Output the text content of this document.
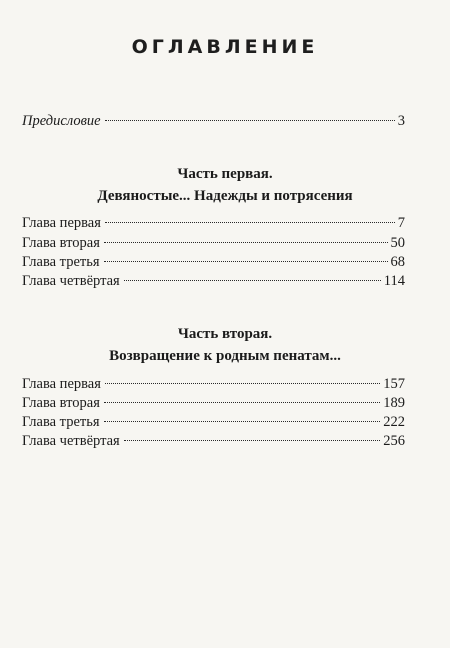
ОГЛАВЛЕНИЕ
Предисловие	3
Часть первая.
Девяностые... Надежды и потрясения
Глава первая	7
Глава вторая	50
Глава третья	68
Глава четвёртая	114
Часть вторая.
Возвращение к родным пенатам...
Глава первая	157
Глава вторая	189
Глава третья	222
Глава четвёртая	256
